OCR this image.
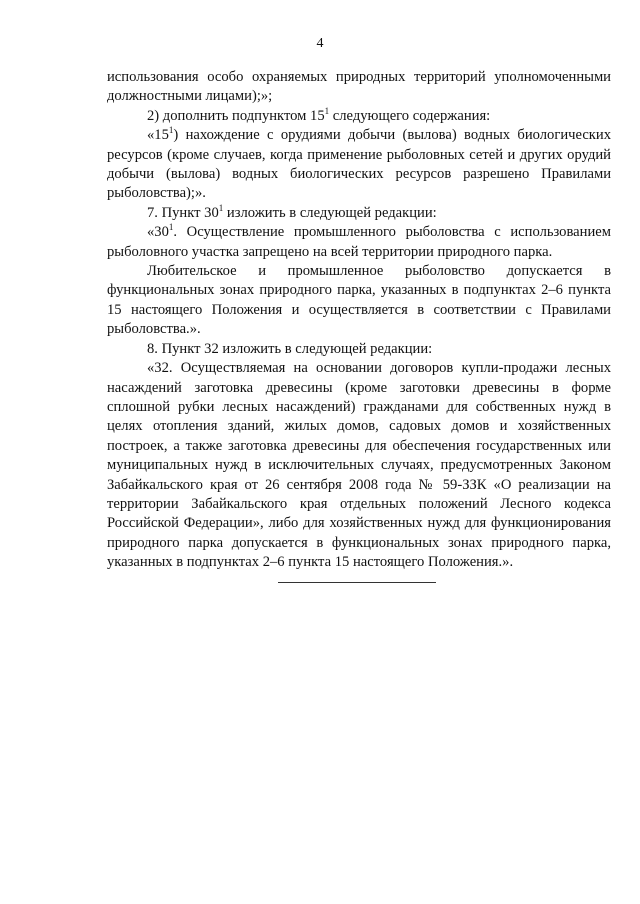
4

использования особо охраняемых природных территорий уполномоченными должностными лицами);»;

2) дополнить подпунктом $15^1$ следующего содержания:

«$15^1$) нахождение с орудиями добычи (вылова) водных биологических ресурсов (кроме случаев, когда применение рыболовных сетей и других орудий добычи (вылова) водных биологических ресурсов разрешено Правилами рыболовства);».

7. Пункт $30^1$ изложить в следующей редакции:

«$30^1$. Осуществление промышленного рыболовства с использованием рыболовного участка запрещено на всей территории природного парка.

Любительское и промышленное рыболовство допускается в функциональных зонах природного парка, указанных в подпунктах 2–6 пункта 15 настоящего Положения и осуществляется в соответствии с Правилами рыболовства.».

8. Пункт 32 изложить в следующей редакции:

«32. Осуществляемая на основании договоров купли-продажи лесных насаждений заготовка древесины (кроме заготовки древесины в форме сплошной рубки лесных насаждений) гражданами для собственных нужд в целях отопления зданий, жилых домов, садовых домов и хозяйственных построек, а также заготовка древесины для обеспечения государственных или муниципальных нужд в исключительных случаях, предусмотренных Законом Забайкальского края от 26 сентября 2008 года № 59-ЗЗК «О реализации на территории Забайкальского края отдельных положений Лесного кодекса Российской Федерации», либо для хозяйственных нужд для функционирования природного парка допускается в функциональных зонах природного парка, указанных в подпунктах 2–6 пункта 15 настоящего Положения.».
